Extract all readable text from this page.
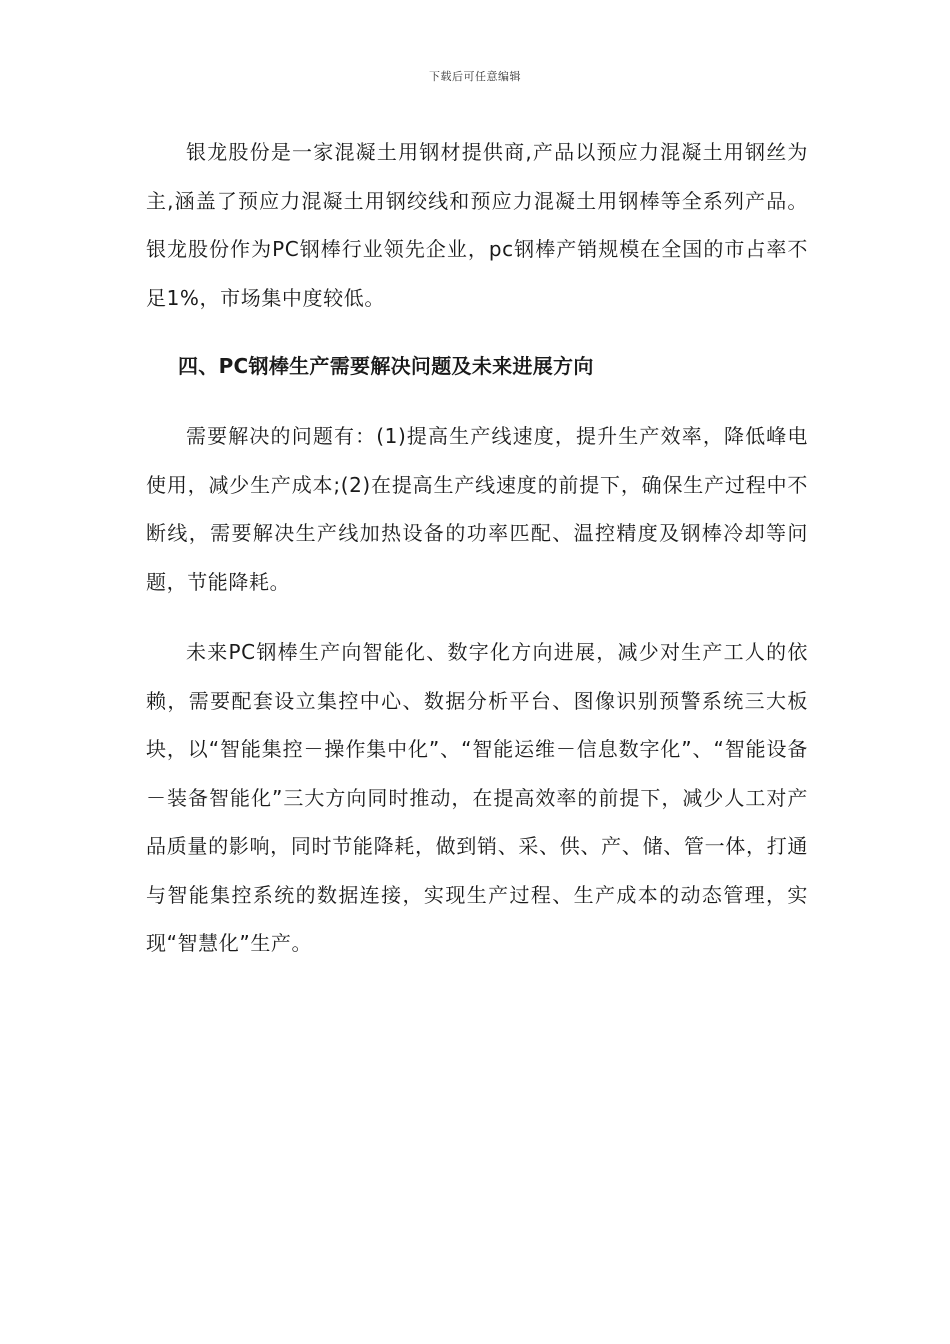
下载后可任意编辑

银龙股份是一家混凝土用钢材提供商,产品以预应力混凝土用钢丝为主,涵盖了预应力混凝土用钢绞线和预应力混凝土用钢棒等全系列产品。银龙股份作为PC钢棒行业领先企业，pc钢棒产销规模在全国的市占率不足1%，市场集中度较低。

四、PC钢棒生产需要解决问题及未来进展方向

需要解决的问题有：(1)提高生产线速度，提升生产效率，降低峰电使用，减少生产成本;(2)在提高生产线速度的前提下，确保生产过程中不断线，需要解决生产线加热设备的功率匹配、温控精度及钢棒冷却等问题，节能降耗。

未来PC钢棒生产向智能化、数字化方向进展，减少对生产工人的依赖，需要配套设立集控中心、数据分析平台、图像识别预警系统三大板块，以“智能集控－操作集中化”、“智能运维－信息数字化”、“智能设备－装备智能化”三大方向同时推动，在提高效率的前提下，减少人工对产品质量的影响，同时节能降耗，做到销、采、供、产、储、管一体，打通与智能集控系统的数据连接，实现生产过程、生产成本的动态管理，实现“智慧化”生产。
